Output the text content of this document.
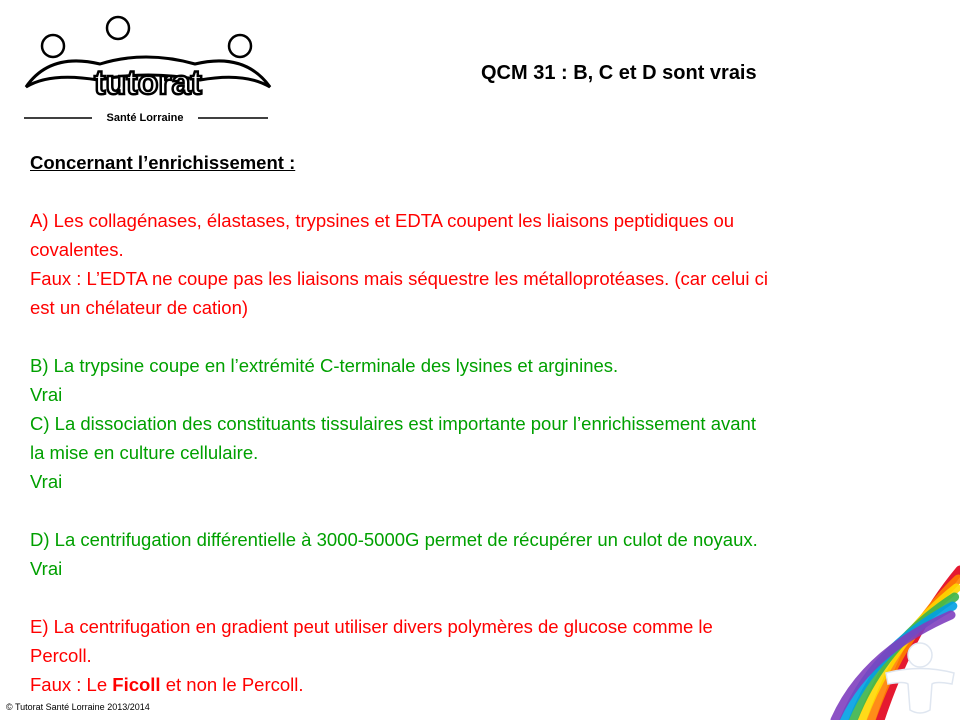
tutorat
Santé Lorraine
QCM 31 : B, C et D sont vrais
Concernant l’enrichissement :
A) Les collagénases, élastases, trypsines et EDTA coupent les liaisons peptidiques ou
covalentes.
Faux : L’EDTA ne coupe pas les liaisons mais séquestre les métalloprotéases. (car celui ci
est un chélateur de cation)
B) La trypsine coupe en l’extrémité C-terminale des lysines et arginines.
Vrai
C) La dissociation des constituants tissulaires est importante pour l’enrichissement avant
la mise en culture cellulaire.
Vrai
D) La centrifugation différentielle à 3000-5000G permet de récupérer un culot de noyaux.
Vrai
E) La centrifugation en gradient peut utiliser divers polymères de glucose comme le
Percoll.
Faux : Le Ficoll et non le Percoll.
© Tutorat Santé Lorraine 2013/2014
